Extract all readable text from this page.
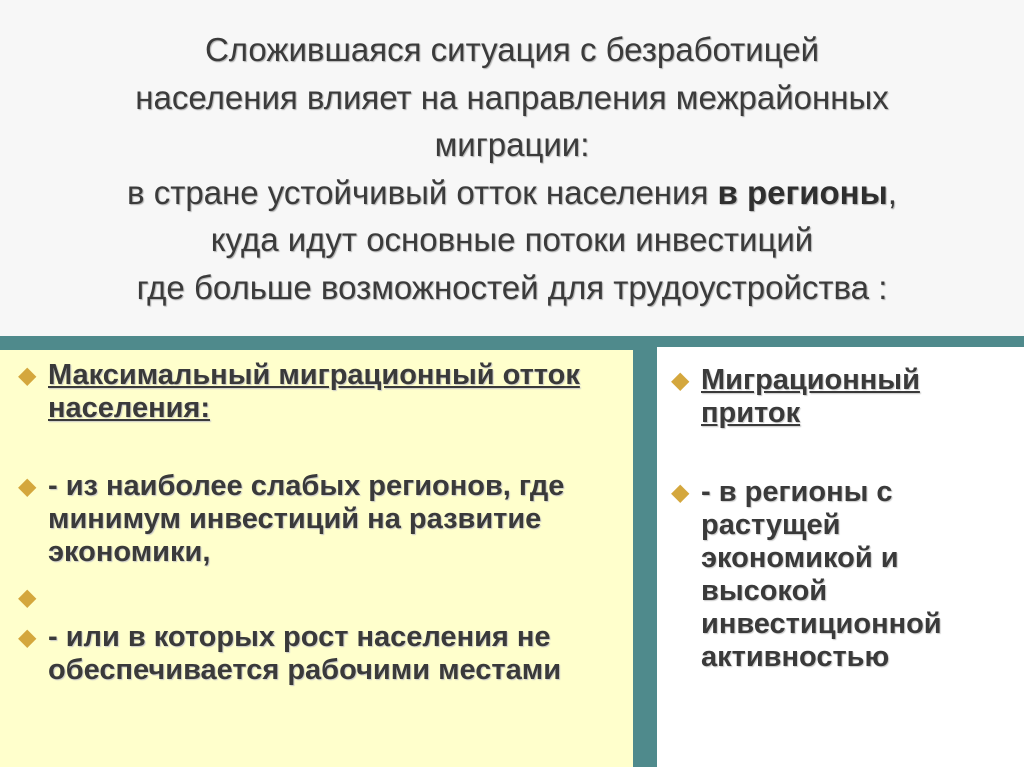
Сложившаяся ситуация с безработицей
населения влияет на направления межрайонных
миграции:
в стране устойчивый отток населения в регионы,
куда идут основные потоки инвестиций
где больше возможностей для трудоустройства :
◆ Максимальный миграционный отток населения:
◆ - из наиболее слабых регионов, где минимум инвестиций на развитие экономики,
◆
◆ - или в которых рост населения не обеспечивается рабочими местами
◆ Миграционный приток
◆ - в регионы с растущей экономикой и высокой инвестиционной активностью
